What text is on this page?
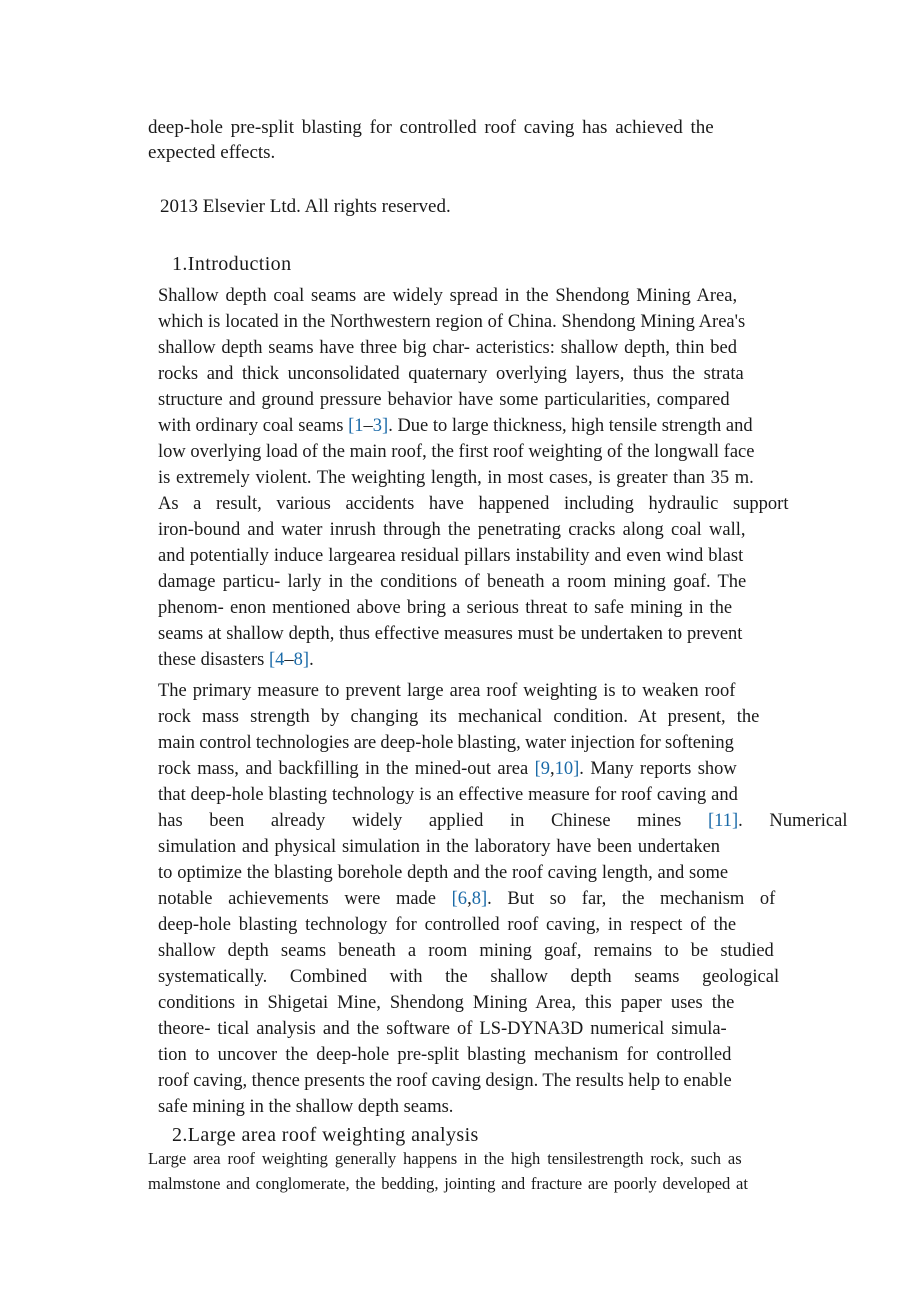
deep-hole pre-split blasting for controlled roof caving has achieved the
expected effects.

2013 Elsevier Ltd. All rights reserved.

1.Introduction
Shallow depth coal seams are widely spread in the Shendong Mining Area,
which is located in the Northwestern region of China. Shendong Mining Area's
shallow depth seams have three big char- acteristics: shallow depth, thin bed
rocks and thick unconsolidated quaternary overlying layers, thus the strata
structure and ground pressure behavior have some particularities, compared
with ordinary coal seams [1–3]. Due to large thickness, high tensile strength and
low overlying load of the main roof, the first roof weighting of the longwall face
is extremely violent. The weighting length, in most cases, is greater than 35 m.
As a result, various accidents have happened including hydraulic support
iron-bound and water inrush through the penetrating cracks along coal wall,
and potentially induce largearea residual pillars instability and even wind blast
damage particu- larly in the conditions of beneath a room mining goaf. The
phenom- enon mentioned above bring a serious threat to safe mining in the
seams at shallow depth, thus effective measures must be undertaken to prevent
these disasters [4–8].
The primary measure to prevent large area roof weighting is to weaken roof
rock mass strength by changing its mechanical condition. At present, the
main control technologies are deep-hole blasting, water injection for softening
rock mass, and backfilling in the mined-out area [9,10]. Many reports show
that deep-hole blasting technology is an effective measure for roof caving and
has been already widely applied in Chinese mines [11]. Numerical
simulation and physical simulation in the laboratory have been undertaken
to optimize the blasting borehole depth and the roof caving length, and some
notable achievements were made [6,8]. But so far, the mechanism of
deep-hole blasting technology for controlled roof caving, in respect of the
shallow depth seams beneath a room mining goaf, remains to be studied
systematically. Combined with the shallow depth seams geological
conditions in Shigetai Mine, Shendong Mining Area, this paper uses the
theore- tical analysis and the software of LS-DYNA3D numerical simula-
tion to uncover the deep-hole pre-split blasting mechanism for controlled
roof caving, thence presents the roof caving design. The results help to enable
safe mining in the shallow depth seams.
2.Large area roof weighting analysis
Large area roof weighting generally happens in the high tensilestrength rock, such as
malmstone and conglomerate, the bedding, jointing and fracture are poorly developed at
